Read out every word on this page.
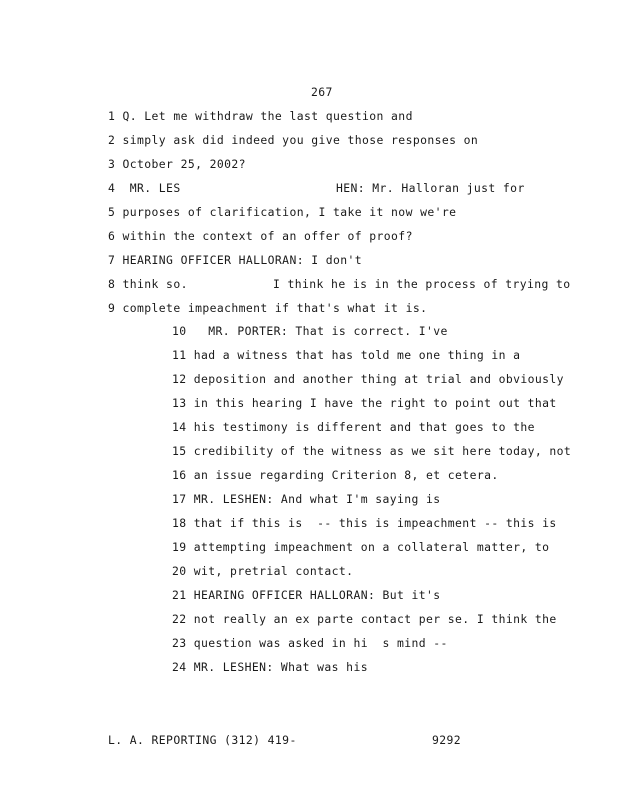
267
1 Q. Let me withdraw the last question and
2 simply ask did indeed you give those responses on
3 October 25, 2002?
4  MR. LES	HEN: Mr. Halloran just for
5 purposes of clarification, I take it now we're
6 within the context of an offer of proof?
7 HEARING OFFICER HALLORAN: I don't
8 think so.	I think he is in the process of trying to
9 complete impeachment if that's what it is.
10   MR. PORTER: That is correct. I've
11 had a witness that has told me one thing in a
12 deposition and another thing at trial and obviously
13 in this hearing I have the right to point out that
14 his testimony is different and that goes to the
15 credibility of the witness as we sit here today, not
16 an issue regarding Criterion 8, et cetera.
17 MR. LESHEN: And what I'm saying is
18 that if this is  -- this is impeachment -- this is
19 attempting impeachment on a collateral matter, to
20 wit, pretrial contact.
21 HEARING OFFICER HALLORAN: But it's
22 not really an ex parte contact per se. I think the
23 question was asked in hi  s mind --
24 MR. LESHEN: What was his
L. A. REPORTING (312) 419-	9292
